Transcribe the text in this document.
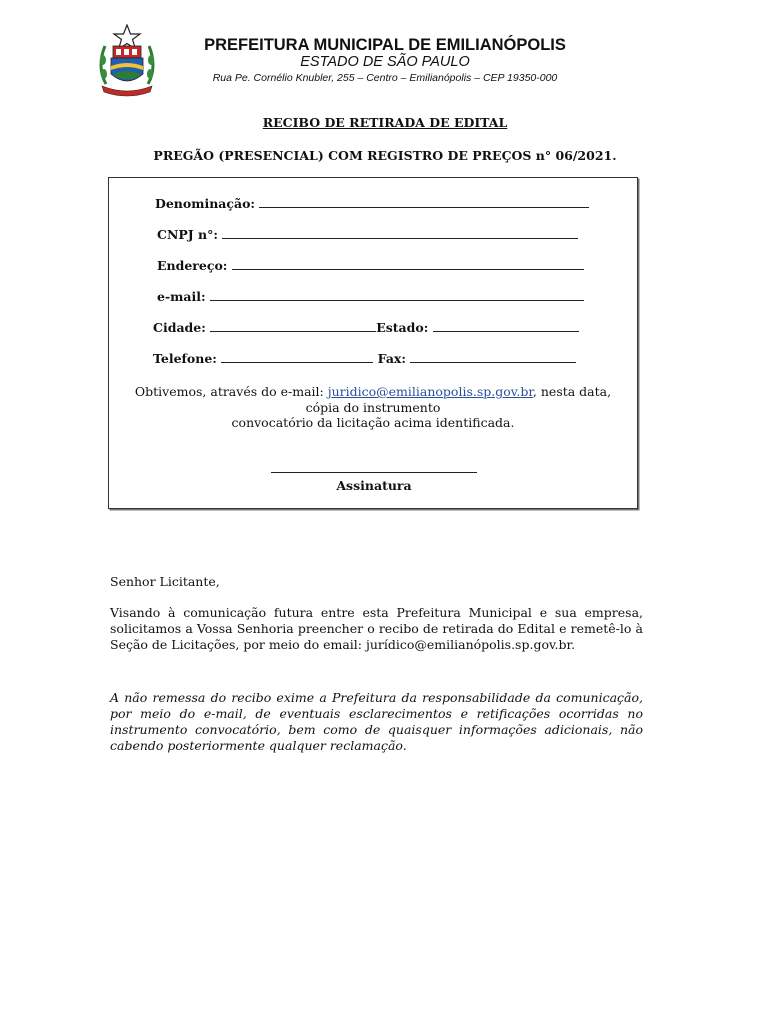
PREFEITURA MUNICIPAL DE EMILIANÓPOLIS
ESTADO DE SÃO PAULO
Rua Pe. Cornélio Knubler, 255 – Centro – Emilianópolis – CEP 19350-000
RECIBO DE RETIRADA DE EDITAL
PREGÃO (PRESENCIAL) COM REGISTRO DE PREÇOS n° 06/2021.
Denominação:
CNPJ n°:
Endereço:
e-mail:
Cidade:	Estado:
Telefone:	Fax:
Obtivemos, através do e-mail: juridico@emilianopolis.sp.gov.br, nesta data, cópia do instrumento
convocatório da licitação acima identificada.
Assinatura
Senhor Licitante,
Visando à comunicação futura entre esta Prefeitura Municipal e sua empresa, solicitamos a Vossa Senhoria preencher o recibo de retirada do Edital e remetê-lo à Seção de Licitações, por meio do email: jurídico@emilianópolis.sp.gov.br.
A não remessa do recibo exime a Prefeitura da responsabilidade da comunicação, por meio do e-mail, de eventuais esclarecimentos e retificações ocorridas no instrumento convocatório, bem como de quaisquer informações adicionais, não cabendo posteriormente qualquer reclamação.
